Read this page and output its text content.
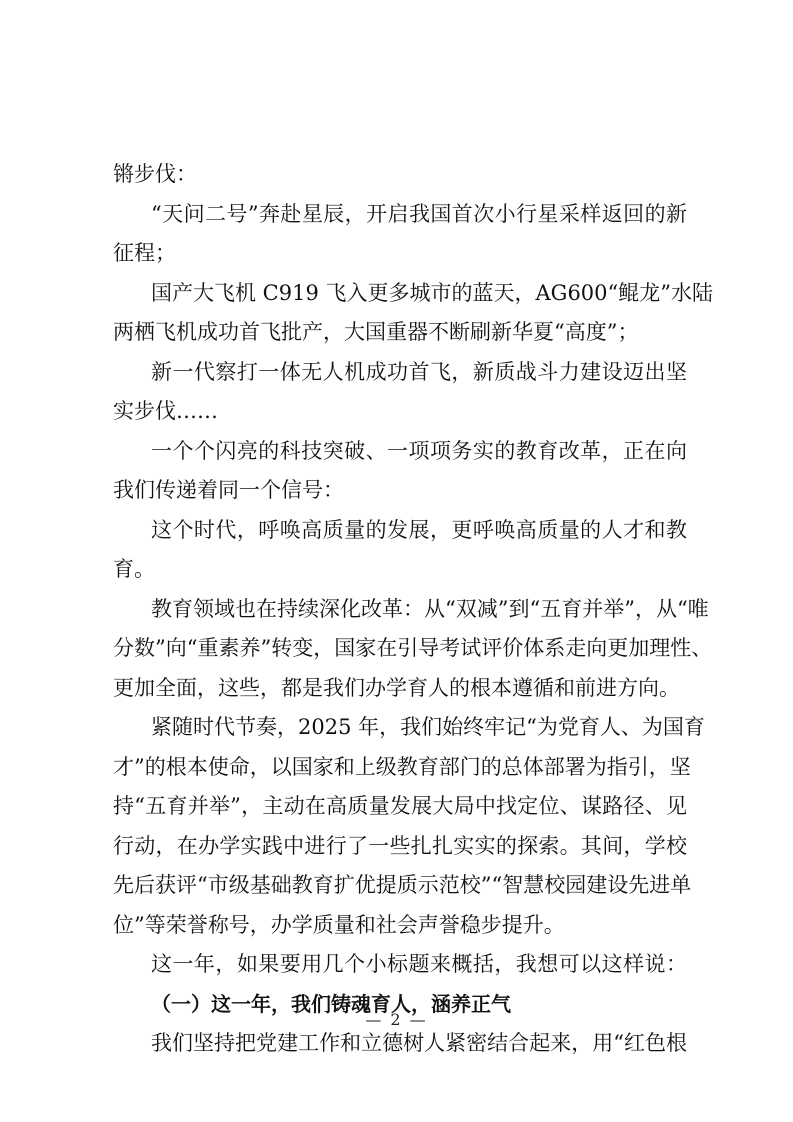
锵步伐：
“天问二号”奔赴星辰，开启我国首次小行星采样返回的新
征程；
国产大飞机 C919 飞入更多城市的蓝天，AG600“鲲龙”水陆
两栖飞机成功首飞批产，大国重器不断刷新华夏“高度”；
新一代察打一体无人机成功首飞，新质战斗力建设迈出坚
实步伐……
一个个闪亮的科技突破、一项项务实的教育改革，正在向
我们传递着同一个信号：
这个时代，呼唤高质量的发展，更呼唤高质量的人才和教
育。
教育领域也在持续深化改革：从“双减”到“五育并举”，从“唯
分数”向“重素养”转变，国家在引导考试评价体系走向更加理性、
更加全面，这些，都是我们办学育人的根本遵循和前进方向。
紧随时代节奏，2025 年，我们始终牢记“为党育人、为国育
才”的根本使命，以国家和上级教育部门的总体部署为指引，坚
持“五育并举”，主动在高质量发展大局中找定位、谋路径、见
行动，在办学实践中进行了一些扎扎实实的探索。其间，学校
先后获评“市级基础教育扩优提质示范校”“智慧校园建设先进单
位”等荣誉称号，办学质量和社会声誉稳步提升。
这一年，如果要用几个小标题来概括，我想可以这样说：
（一）这一年，我们铸魂育人，涵养正气
我们坚持把党建工作和立德树人紧密结合起来，用“红色根
— 2 —
